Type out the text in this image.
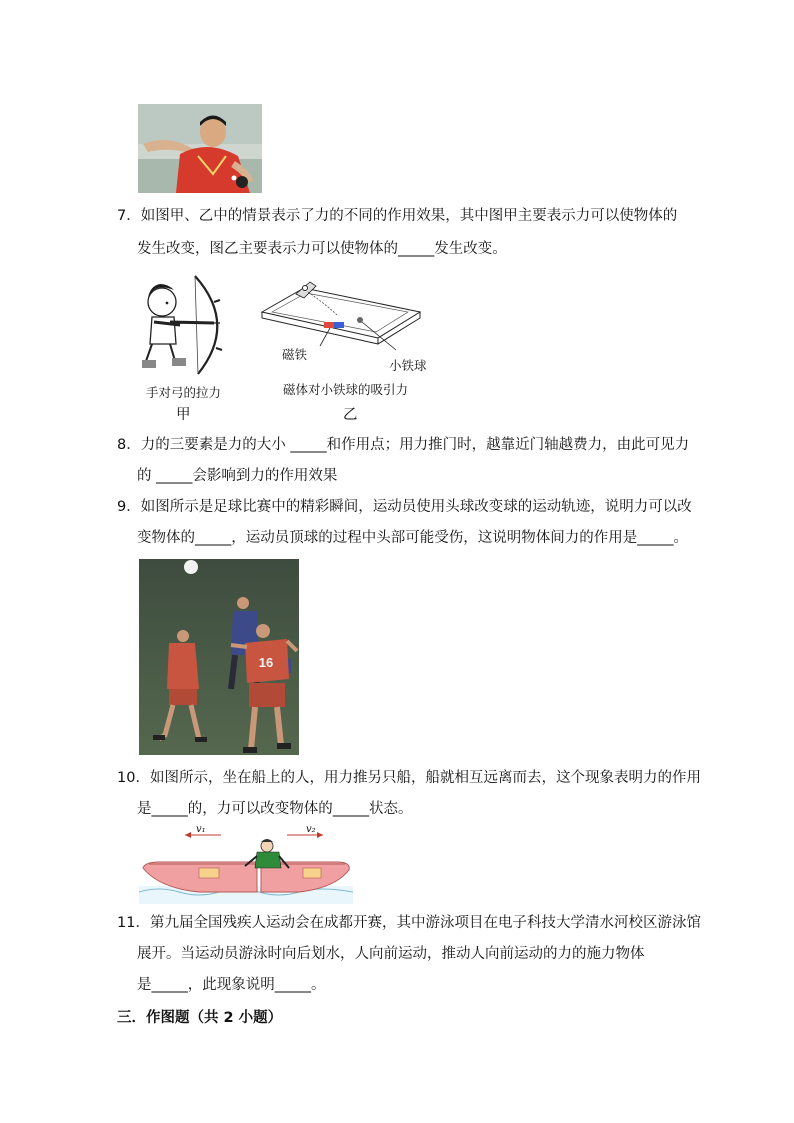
7．如图甲、乙中的情景表示了力的不同的作用效果，其中图甲主要表示力可以使物体的
发生改变，图乙主要表示力可以使物体的_____发生改变。
手对弓的拉力
甲
磁铁
小铁球
磁体对小铁球的吸引力
乙
8．力的三要素是力的大小 _____和作用点；用力推门时，越靠近门轴越费力，由此可见力
的 _____会影响到力的作用效果
9．如图所示是足球比赛中的精彩瞬间，运动员使用头球改变球的运动轨迹，说明力可以改
变物体的_____，运动员顶球的过程中头部可能受伤，这说明物体间力的作用是_____。
16
10．如图所示，坐在船上的人，用力推另只船，船就相互远离而去，这个现象表明力的作用
是_____的，力可以改变物体的_____状态。
v₁	v₂
11．第九届全国残疾人运动会在成都开赛，其中游泳项目在电子科技大学清水河校区游泳馆
展开。当运动员游泳时向后划水，人向前运动，推动人向前运动的力的施力物体
是_____，此现象说明_____。
三．作图题（共 2 小题）
